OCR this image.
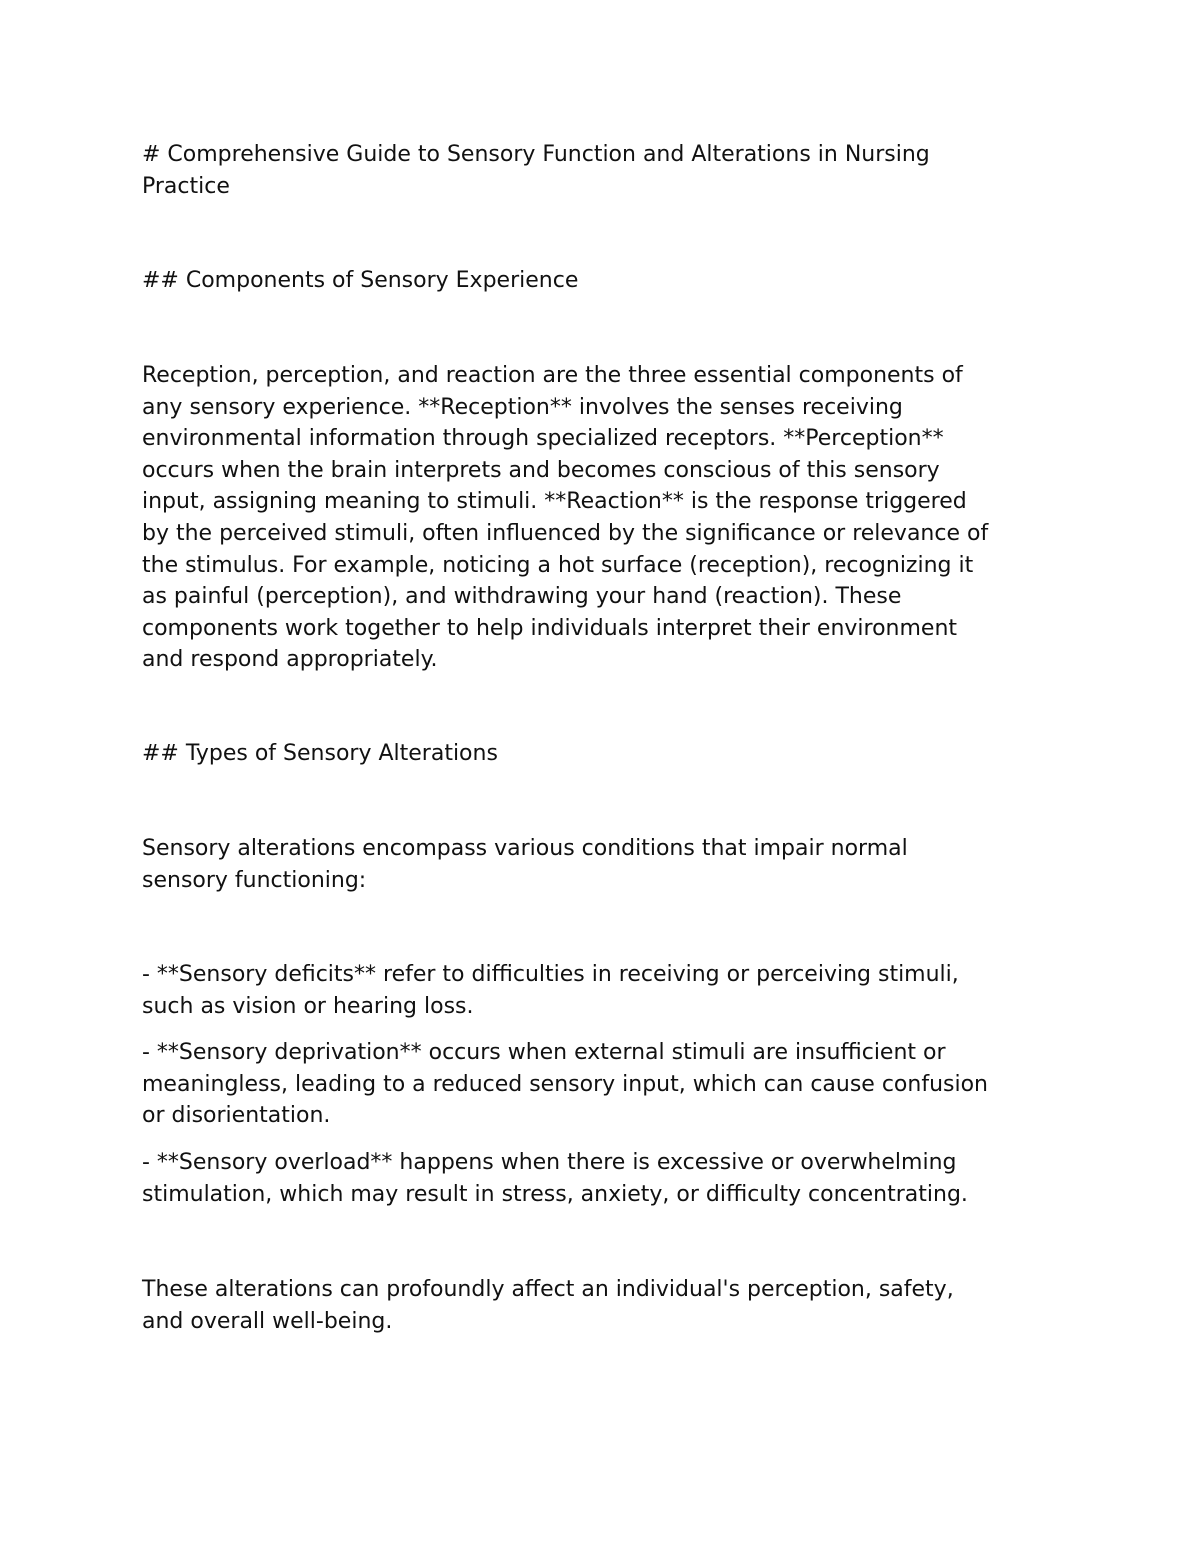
# Comprehensive Guide to Sensory Function and Alterations in Nursing
Practice
## Components of Sensory Experience
Reception, perception, and reaction are the three essential components of
any sensory experience. **Reception** involves the senses receiving
environmental information through specialized receptors. **Perception**
occurs when the brain interprets and becomes conscious of this sensory
input, assigning meaning to stimuli. **Reaction** is the response triggered
by the perceived stimuli, often influenced by the significance or relevance of
the stimulus. For example, noticing a hot surface (reception), recognizing it
as painful (perception), and withdrawing your hand (reaction). These
components work together to help individuals interpret their environment
and respond appropriately.
## Types of Sensory Alterations
Sensory alterations encompass various conditions that impair normal
sensory functioning:
- **Sensory deficits** refer to difficulties in receiving or perceiving stimuli,
such as vision or hearing loss.
- **Sensory deprivation** occurs when external stimuli are insufficient or
meaningless, leading to a reduced sensory input, which can cause confusion
or disorientation.
- **Sensory overload** happens when there is excessive or overwhelming
stimulation, which may result in stress, anxiety, or difficulty concentrating.
These alterations can profoundly affect an individual's perception, safety,
and overall well-being.
